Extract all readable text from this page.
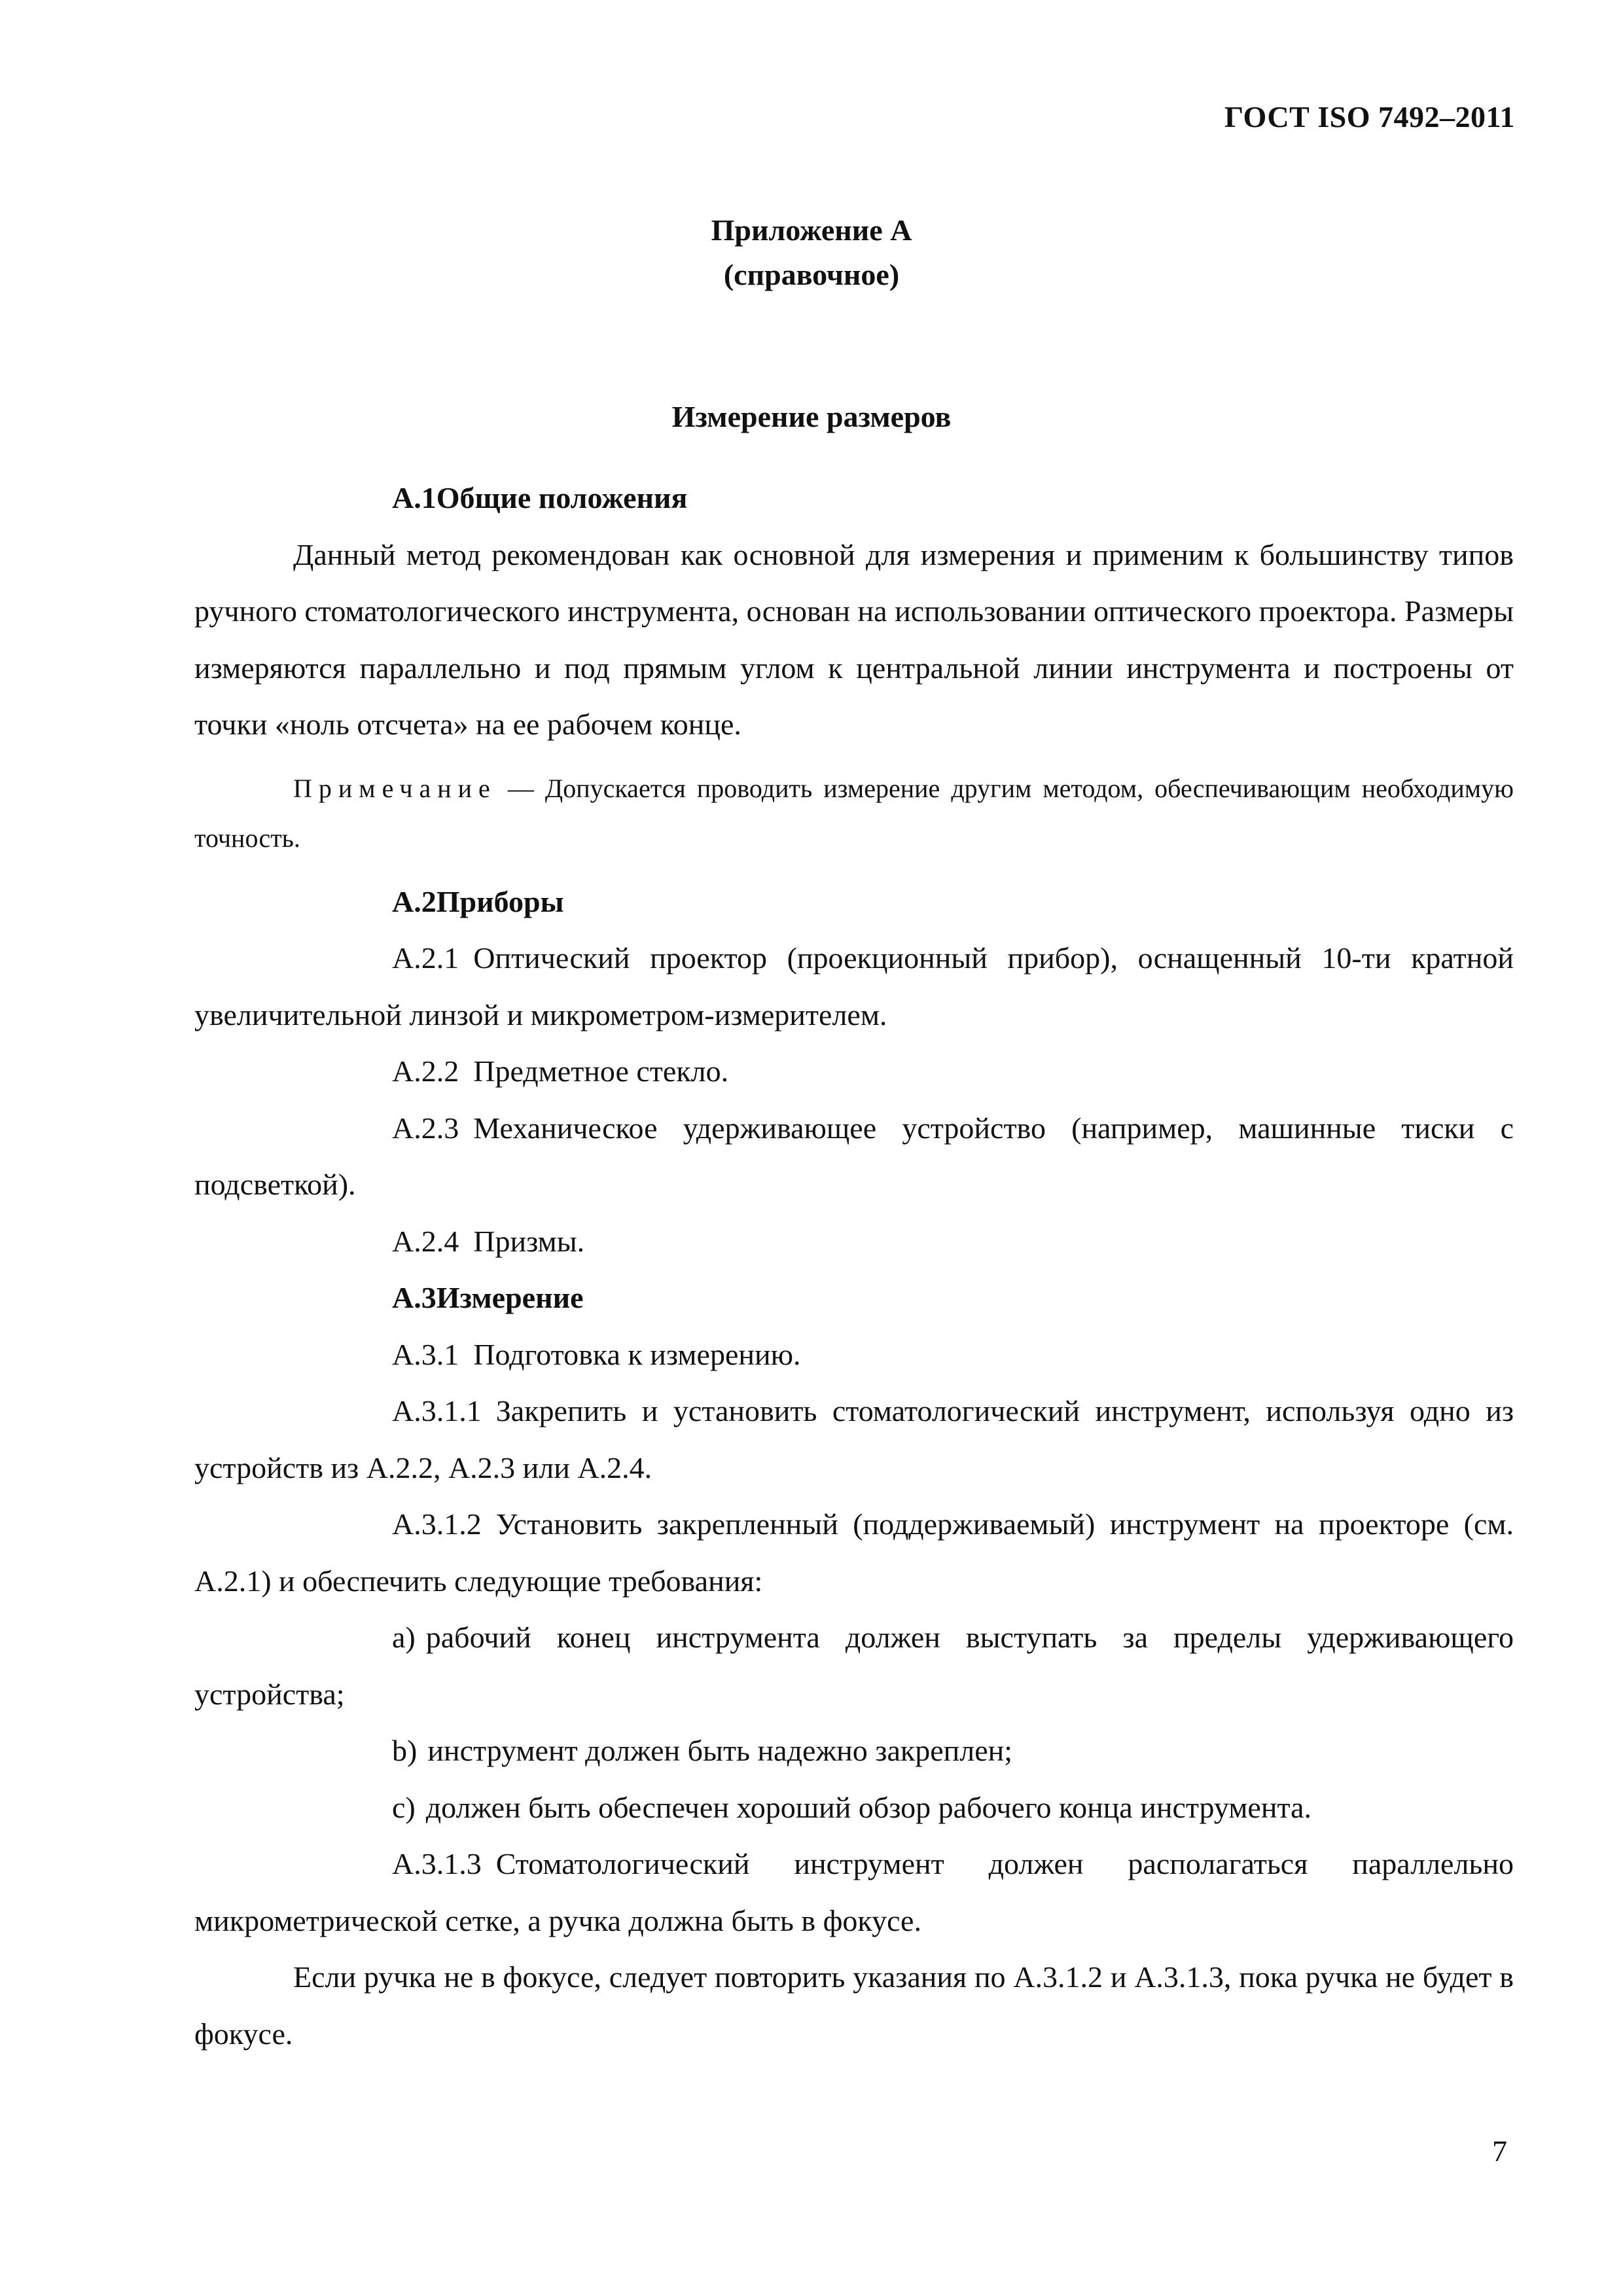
ГОСТ ISO 7492–2011
Приложение А
(справочное)
Измерение размеров

А.1Общие положения

Данный метод рекомендован как основной для измерения и применим к большинству типов ручного стоматологического инструмента, основан на использовании оптического проектора. Размеры измеряются параллельно и под прямым углом к центральной линии инструмента и построены от точки «ноль отсчета» на ее рабочем конце.

Примечание — Допускается проводить измерение другим методом, обеспечивающим необходимую точность.

А.2Приборы

А.2.1 Оптический проектор (проекционный прибор), оснащенный 10-ти кратной увеличительной линзой и микрометром-измерителем.

А.2.2 Предметное стекло.

А.2.3 Механическое удерживающее устройство (например, машинные тиски с подсветкой).

А.2.4 Призмы.

А.3Измерение

А.3.1 Подготовка к измерению.

А.3.1.1 Закрепить и установить стоматологический инструмент, используя одно из устройств из А.2.2, А.2.3 или А.2.4.

А.3.1.2 Установить закрепленный (поддерживаемый) инструмент на проекторе (см. А.2.1) и обеспечить следующие требования:

а) рабочий конец инструмента должен выступать за пределы удерживающего устройства;

b) инструмент должен быть надежно закреплен;

с) должен быть обеспечен хороший обзор рабочего конца инструмента.

А.3.1.3 Стоматологический инструмент должен располагаться параллельно микрометрической сетке, а ручка должна быть в фокусе.

Если ручка не в фокусе, следует повторить указания по А.3.1.2 и А.3.1.3, пока ручка не будет в фокусе.

7
